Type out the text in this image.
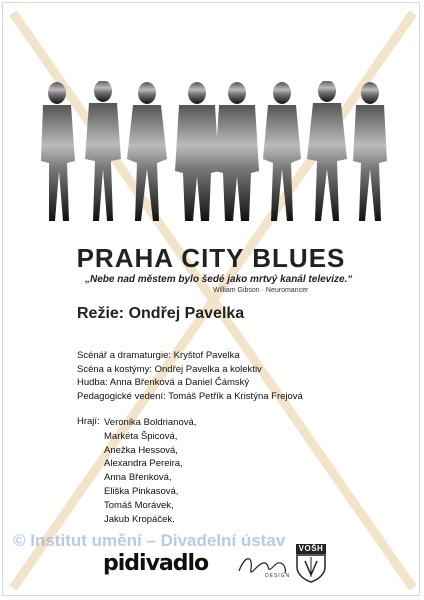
PRAHA CITY BLUES
„Nebe nad městem bylo šedé jako mrtvý kanál televize.“
William Gibson · Neuromancer
Režie: Ondřej Pavelka
Scénář a dramaturgie: Kryštof Pavelka
Scéna a kostýmy: Ondřej Pavelka a kolektiv
Hudba: Anna Břenková a Daniel Čámský
Pedagogické vedení: Tomáš Petřík a Kristýna Frejová
Hrají: Veronika Boldrianová,
Markéta Špicová,
Anežka Hessová,
Alexandra Pereira,
Anna Břenková,
Eliška Pinkasová,
Tomáš Morávek,
Jakub Kropáček.
© Institut umění – Divadelní ústav
pidivadlo	DESIGN
VOŠH
